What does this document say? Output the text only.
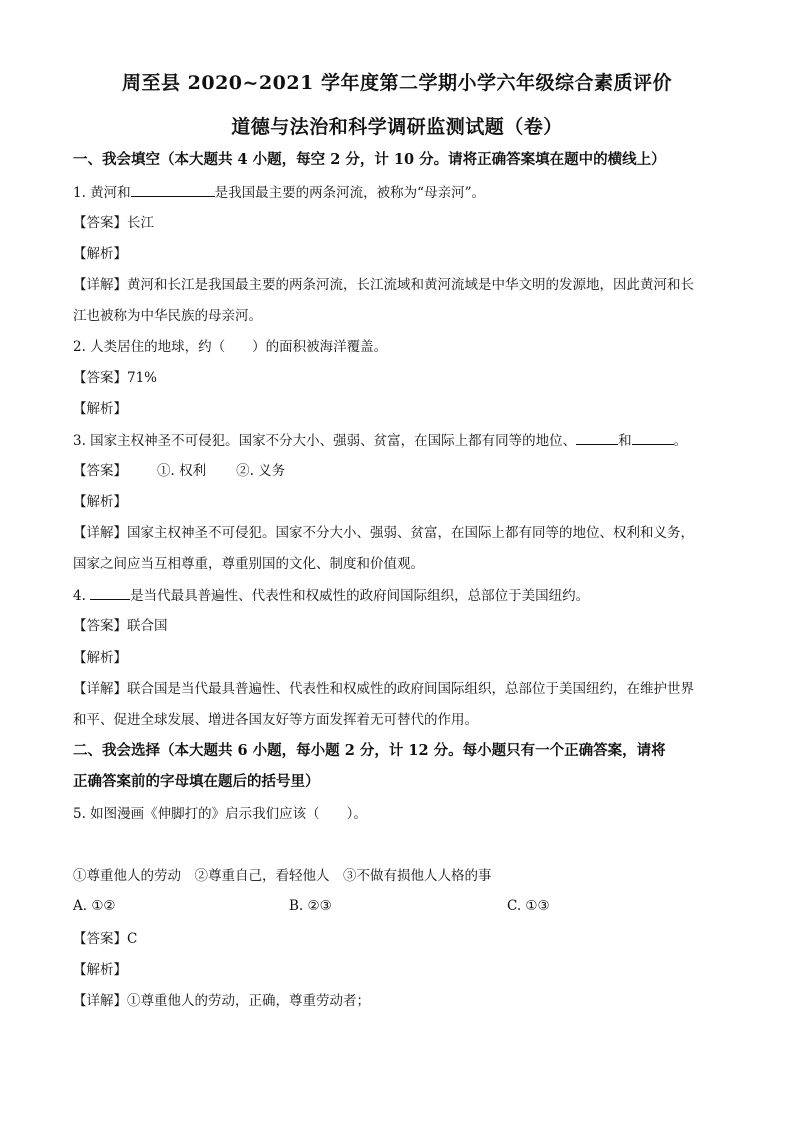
周至县 2020~2021 学年度第二学期小学六年级综合素质评价
道德与法治和科学调研监测试题（卷）
一、我会填空（本大题共 4 小题，每空 2 分，计 10 分。请将正确答案填在题中的横线上）
1. 黄河和	是我国最主要的两条河流，被称为“母亲河”。
【答案】长江
【解析】
【详解】黄河和长江是我国最主要的两条河流，长江流域和黄河流域是中华文明的发源地，因此黄河和长
江也被称为中华民族的母亲河。
2. 人类居住的地球，约（　　）的面积被海洋覆盖。
【答案】71%
【解析】
3. 国家主权神圣不可侵犯。国家不分大小、强弱、贫富，在国际上都有同等的地位、	和	。
【答案】 ①. 权利 ②. 义务
【解析】
【详解】国家主权神圣不可侵犯。国家不分大小、强弱、贫富，在国际上都有同等的地位、权利和义务，
国家之间应当互相尊重，尊重别国的文化、制度和价值观。
4.	是当代最具普遍性、代表性和权威性的政府间国际组织，总部位于美国纽约。
【答案】联合国
【解析】
【详解】联合国是当代最具普遍性、代表性和权威性的政府间国际组织，总部位于美国纽约，在维护世界
和平、促进全球发展、增进各国友好等方面发挥着无可替代的作用。
二、我会选择（本大题共 6 小题，每小题 2 分，计 12 分。每小题只有一个正确答案，请将
正确答案前的字母填在题后的括号里）
5. 如图漫画《伸脚打的》启示我们应该（　　）。
①尊重他人的劳动　②尊重自己，看轻他人　③不做有损他人人格的事
A. ①②	B. ②③	C. ①③
【答案】C
【解析】
【详解】①尊重他人的劳动，正确，尊重劳动者；
